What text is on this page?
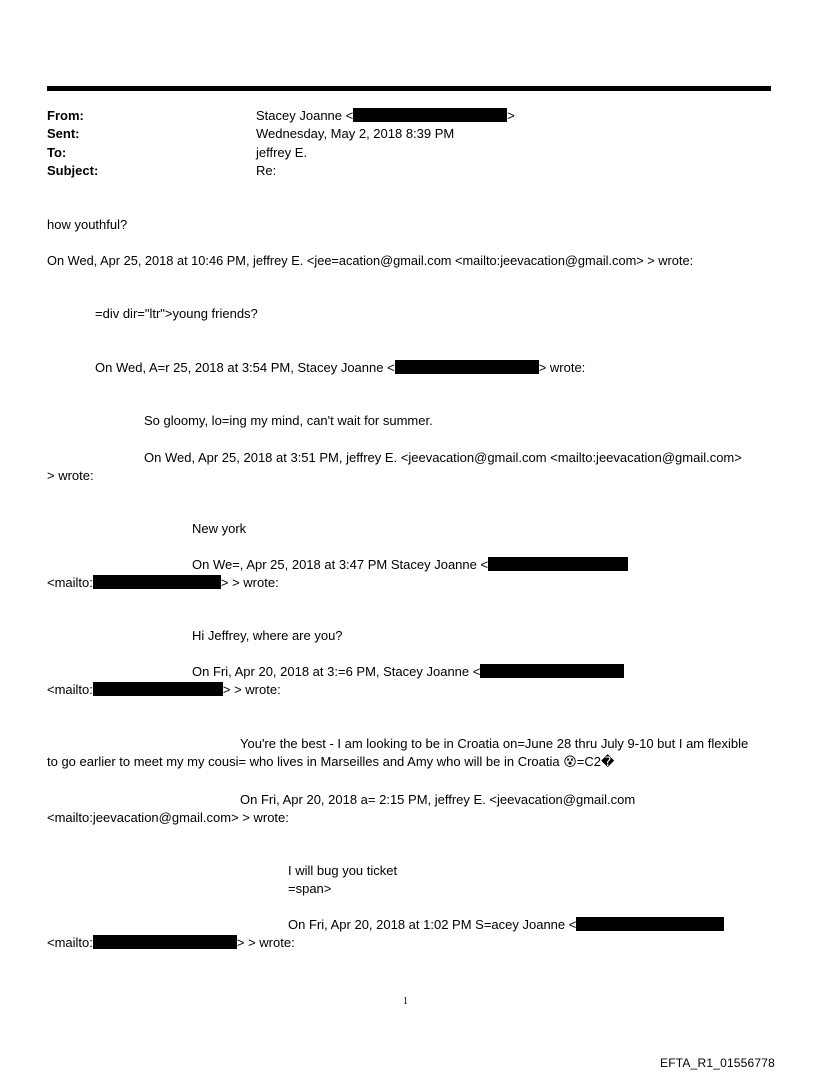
From:	Stacey Joanne <	>
Sent:	Wednesday, May 2, 2018 8:39 PM
To:	jeffrey E.
Subject:	Re:
how youthful?
On Wed, Apr 25, 2018 at 10:46 PM, jeffrey E. <jee=acation@gmail.com <mailto:jeevacation@gmail.com> > wrote:
=div dir="ltr">young friends?
On Wed, A=r 25, 2018 at 3:54 PM, Stacey Joanne <	> wrote:
So gloomy, lo=ing my mind, can't wait for summer.
On Wed, Apr 25, 2018 at 3:51 PM, jeffrey E. <jeevacation@gmail.com <mailto:jeevacation@gmail.com>
> wrote:
New york
On We=, Apr 25, 2018 at 3:47 PM Stacey Joanne <
<mailto:	> > wrote:
Hi Jeffrey, where are you?
On Fri, Apr 20, 2018 at 3:=6 PM, Stacey Joanne <
<mailto:	> > wrote:
You're the best - I am looking to be in Croatia on=June 28 thru July 9-10 but I am flexible
to go earlier to meet my my cousi= who lives in Marseilles and Amy who will be in Croatia 😵=C2�
On Fri, Apr 20, 2018 a= 2:15 PM, jeffrey E. <jeevacation@gmail.com
<mailto:jeevacation@gmail.com> > wrote:
I will bug you ticket
=span>
On Fri, Apr 20, 2018 at 1:02 PM S=acey Joanne <
<mailto:	> > wrote:
1
EFTA_R1_01556778
